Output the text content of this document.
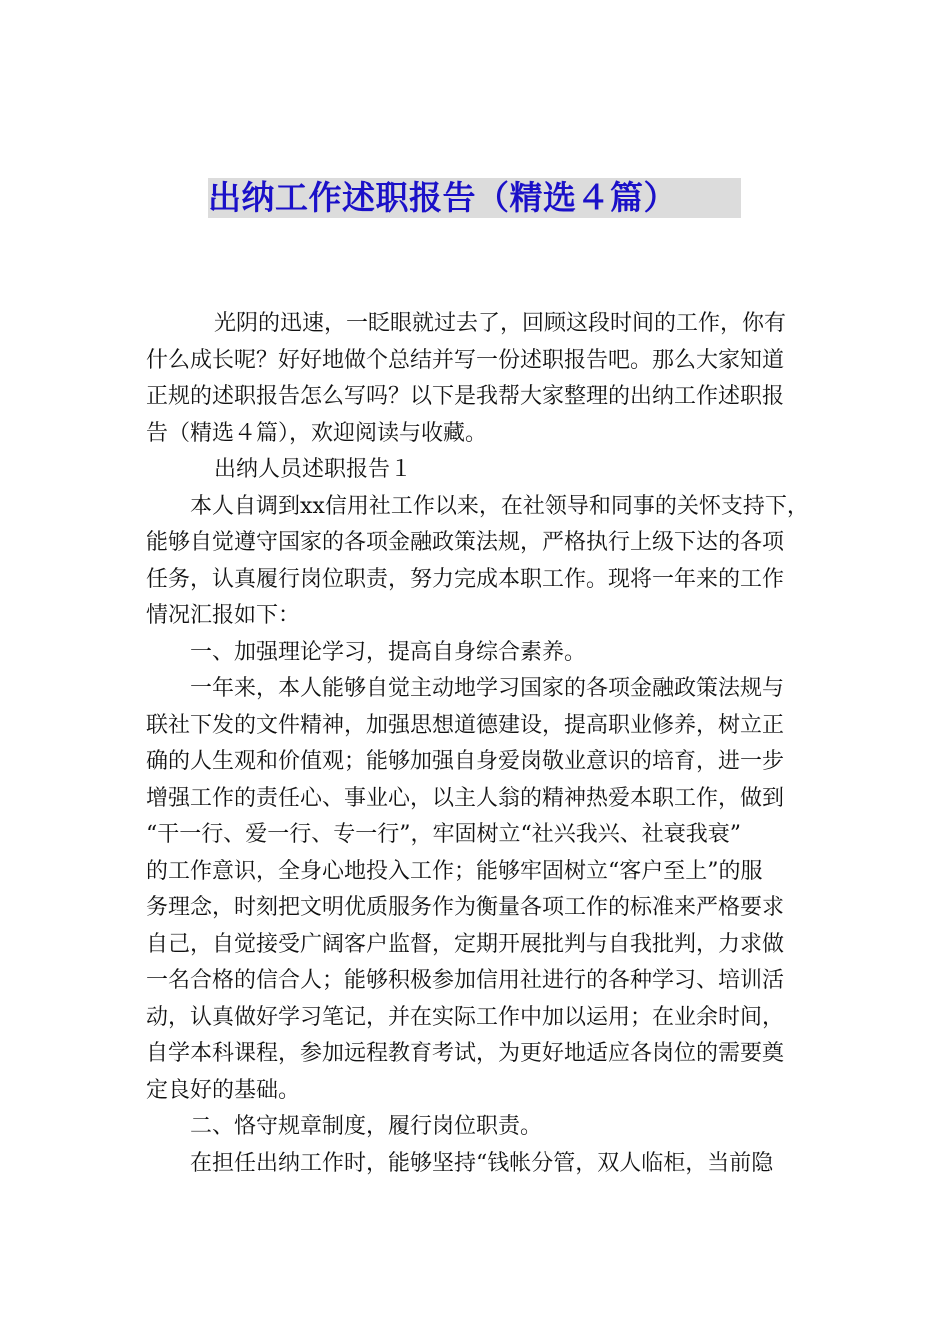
出纳工作述职报告（精选４篇）
光阴的迅速，一眨眼就过去了，回顾这段时间的工作，你有
什么成长呢？好好地做个总结并写一份述职报告吧。那么大家知道
正规的述职报告怎么写吗？以下是我帮大家整理的出纳工作述职报
告（精选４篇），欢迎阅读与收藏。
出纳人员述职报告１
本人自调到xx信用社工作以来，在社领导和同事的关怀支持下，
能够自觉遵守国家的各项金融政策法规，严格执行上级下达的各项
任务，认真履行岗位职责，努力完成本职工作。现将一年来的工作
情况汇报如下：
一、加强理论学习，提高自身综合素养。
一年来，本人能够自觉主动地学习国家的各项金融政策法规与
联社下发的文件精神，加强思想道德建设，提高职业修养，树立正
确的人生观和价值观；能够加强自身爱岗敬业意识的培育，进一步
增强工作的责任心、事业心，以主人翁的精神热爱本职工作，做到
“干一行、爱一行、专一行”，牢固树立“社兴我兴、社衰我衰”
的工作意识，全身心地投入工作；能够牢固树立“客户至上”的服
务理念，时刻把文明优质服务作为衡量各项工作的标准来严格要求
自己，自觉接受广阔客户监督，定期开展批判与自我批判，力求做
一名合格的信合人；能够积极参加信用社进行的各种学习、培训活
动，认真做好学习笔记，并在实际工作中加以运用；在业余时间，
自学本科课程，参加远程教育考试，为更好地适应各岗位的需要奠
定良好的基础。
二、恪守规章制度，履行岗位职责。
在担任出纳工作时，能够坚持“钱帐分管，双人临柜，当前隐
